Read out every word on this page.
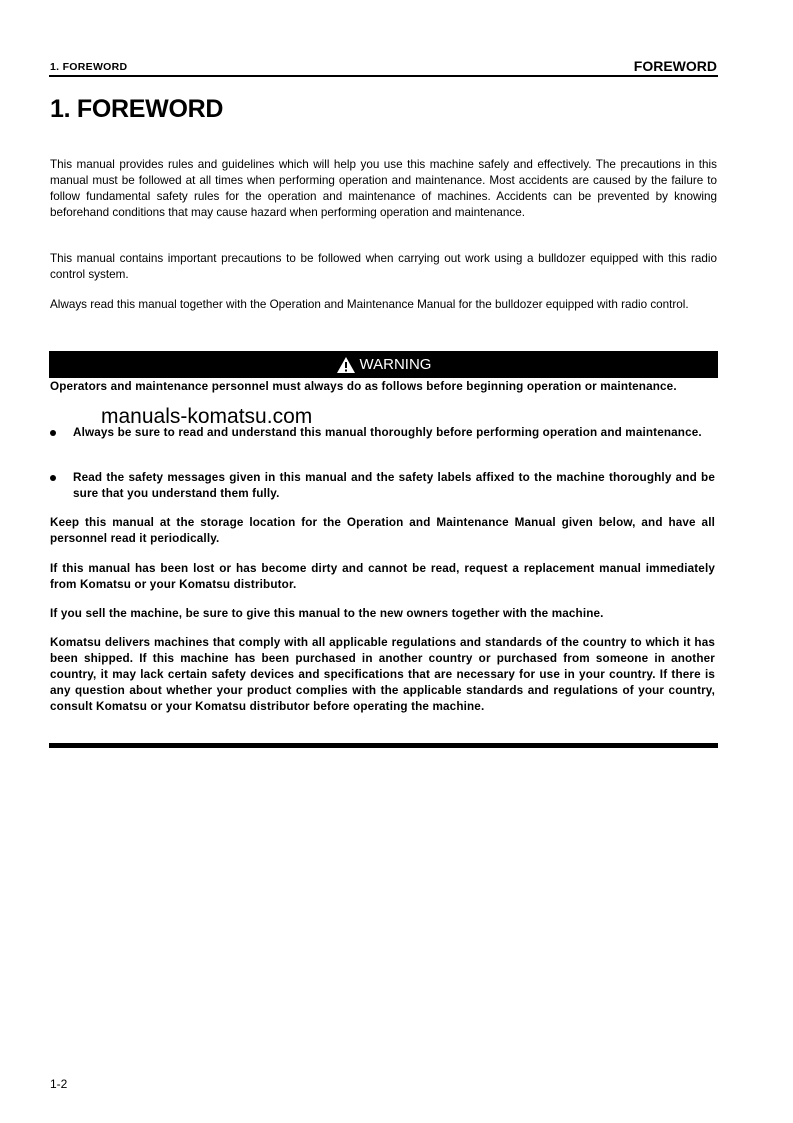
1. FOREWORD	FOREWORD
1. FOREWORD

This manual provides rules and guidelines which will help you use this machine safely and effectively. The precautions in this manual must be followed at all times when performing operation and maintenance. Most accidents are caused by the failure to follow fundamental safety rules for the operation and maintenance of machines. Accidents can be prevented by knowing beforehand conditions that may cause hazard when performing operation and maintenance.

This manual contains important precautions to be followed when carrying out work using a bulldozer equipped with this radio control system.

Always read this manual together with the Operation and Maintenance Manual for the bulldozer equipped with radio control.

WARNING

Operators and maintenance personnel must always do as follows before beginning operation or maintenance.

manuals-komatsu.com
Always be sure to read and understand this manual thoroughly before performing operation and maintenance.
Read the safety messages given in this manual and the safety labels affixed to the machine thoroughly and be sure that you understand them fully.

Keep this manual at the storage location for the Operation and Maintenance Manual given below, and have all personnel read it periodically.

If this manual has been lost or has become dirty and cannot be read, request a replacement manual immediately from Komatsu or your Komatsu distributor.

If you sell the machine, be sure to give this manual to the new owners together with the machine.

Komatsu delivers machines that comply with all applicable regulations and standards of the country to which it has been shipped. If this machine has been purchased in another country or purchased from someone in another country, it may lack certain safety devices and specifications that are necessary for use in your country. If there is any question about whether your product complies with the applicable standards and regulations of your country, consult Komatsu or your Komatsu distributor before operating the machine.

1-2
